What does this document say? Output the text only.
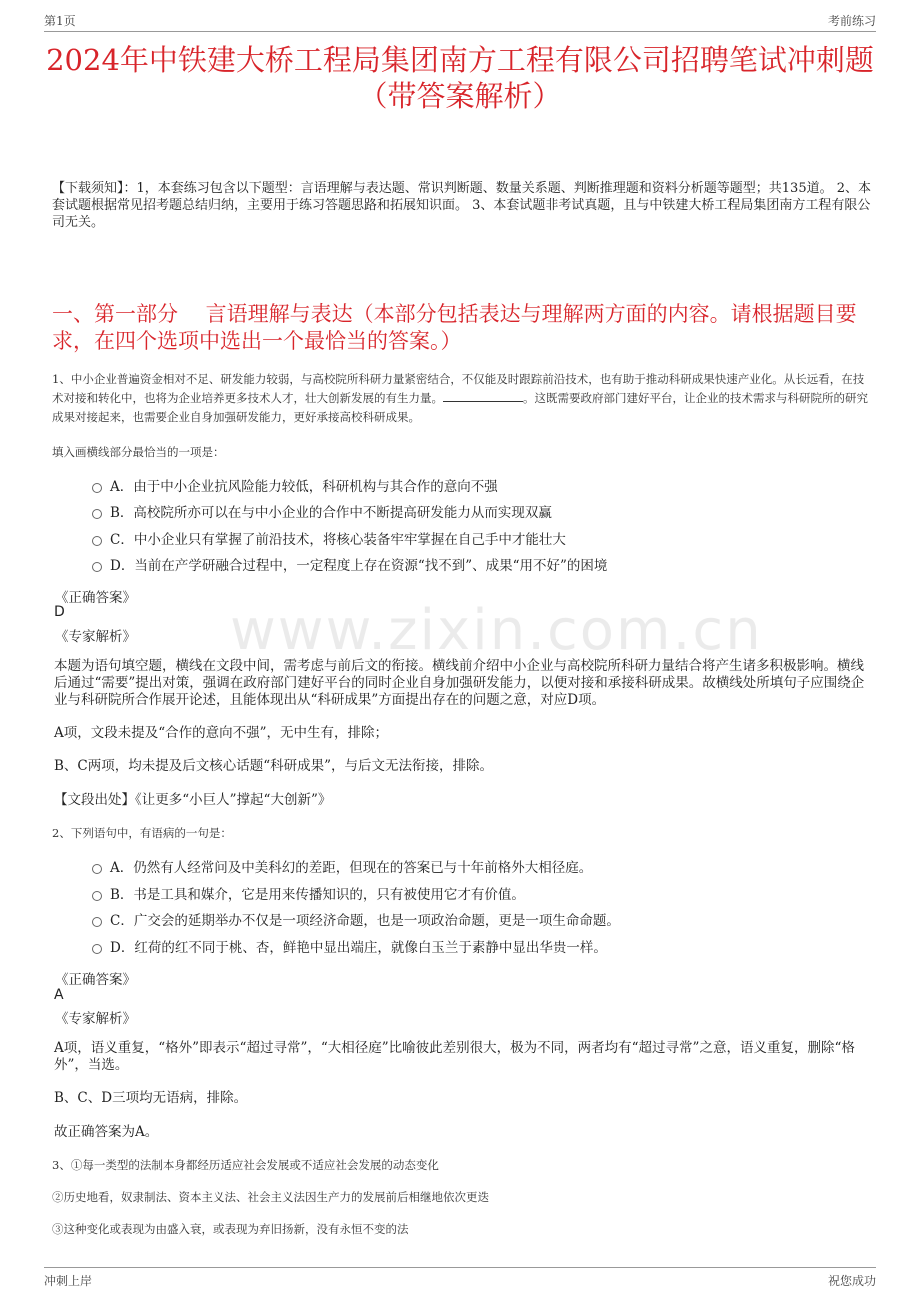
第1页	考前练习
2024年中铁建大桥工程局集团南方工程有限公司招聘笔试冲刺题（带答案解析）
【下载须知】：1，本套练习包含以下题型：言语理解与表达题、常识判断题、数量关系题、判断推理题和资料分析题等题型；共135道。 2、本套试题根据常见招考题总结归纳，主要用于练习答题思路和拓展知识面。 3、本套试题非考试真题，且与中铁建大桥工程局集团南方工程有限公司无关。
一、第一部分　 言语理解与表达（本部分包括表达与理解两方面的内容。请根据题目要求，在四个选项中选出一个最恰当的答案。）
www.zixin.com.cn
1、中小企业普遍资金相对不足、研发能力较弱，与高校院所科研力量紧密结合，不仅能及时跟踪前沿技术，也有助于推动科研成果快速产业化。从长远看，在技术对接和转化中，也将为企业培养更多技术人才，壮大创新发展的有生力量。	。这既需要政府部门建好平台，让企业的技术需求与科研院所的研究成果对接起来，也需要企业自身加强研发能力，更好承接高校科研成果。
填入画横线部分最恰当的一项是：
A．由于中小企业抗风险能力较低，科研机构与其合作的意向不强
B．高校院所亦可以在与中小企业的合作中不断提高研发能力从而实现双赢
C．中小企业只有掌握了前沿技术，将核心装备牢牢掌握在自己手中才能壮大
D．当前在产学研融合过程中，一定程度上存在资源“找不到”、成果“用不好”的困境
《正确答案》
D
《专家解析》
本题为语句填空题，横线在文段中间，需考虑与前后文的衔接。横线前介绍中小企业与高校院所科研力量结合将产生诸多积极影响。横线后通过“需要”提出对策，强调在政府部门建好平台的同时企业自身加强研发能力，以便对接和承接科研成果。故横线处所填句子应围绕企业与科研院所合作展开论述，且能体现出从“科研成果”方面提出存在的问题之意，对应D项。
A项，文段未提及“合作的意向不强”，无中生有，排除；
B、C两项，均未提及后文核心话题“科研成果”，与后文无法衔接，排除。
【文段出处】《让更多“小巨人”撑起“大创新”》
2、下列语句中，有语病的一句是：
A．仍然有人经常问及中美科幻的差距，但现在的答案已与十年前格外大相径庭。
B．书是工具和媒介，它是用来传播知识的，只有被使用它才有价值。
C．广交会的延期举办不仅是一项经济命题，也是一项政治命题，更是一项生命命题。
D．红荷的红不同于桃、杏，鲜艳中显出端庄，就像白玉兰于素静中显出华贵一样。
《正确答案》
A
《专家解析》
A项，语义重复，“格外”即表示“超过寻常”，“大相径庭”比喻彼此差别很大，极为不同，两者均有“超过寻常”之意，语义重复，删除“格外”，当选。
B、C、D三项均无语病，排除。
故正确答案为A。
3、①每一类型的法制本身都经历适应社会发展或不适应社会发展的动态变化
②历史地看，奴隶制法、资本主义法、社会主义法因生产力的发展前后相继地依次更迭
③这种变化或表现为由盛入衰，或表现为弃旧扬新，没有永恒不变的法
冲刺上岸	祝您成功
